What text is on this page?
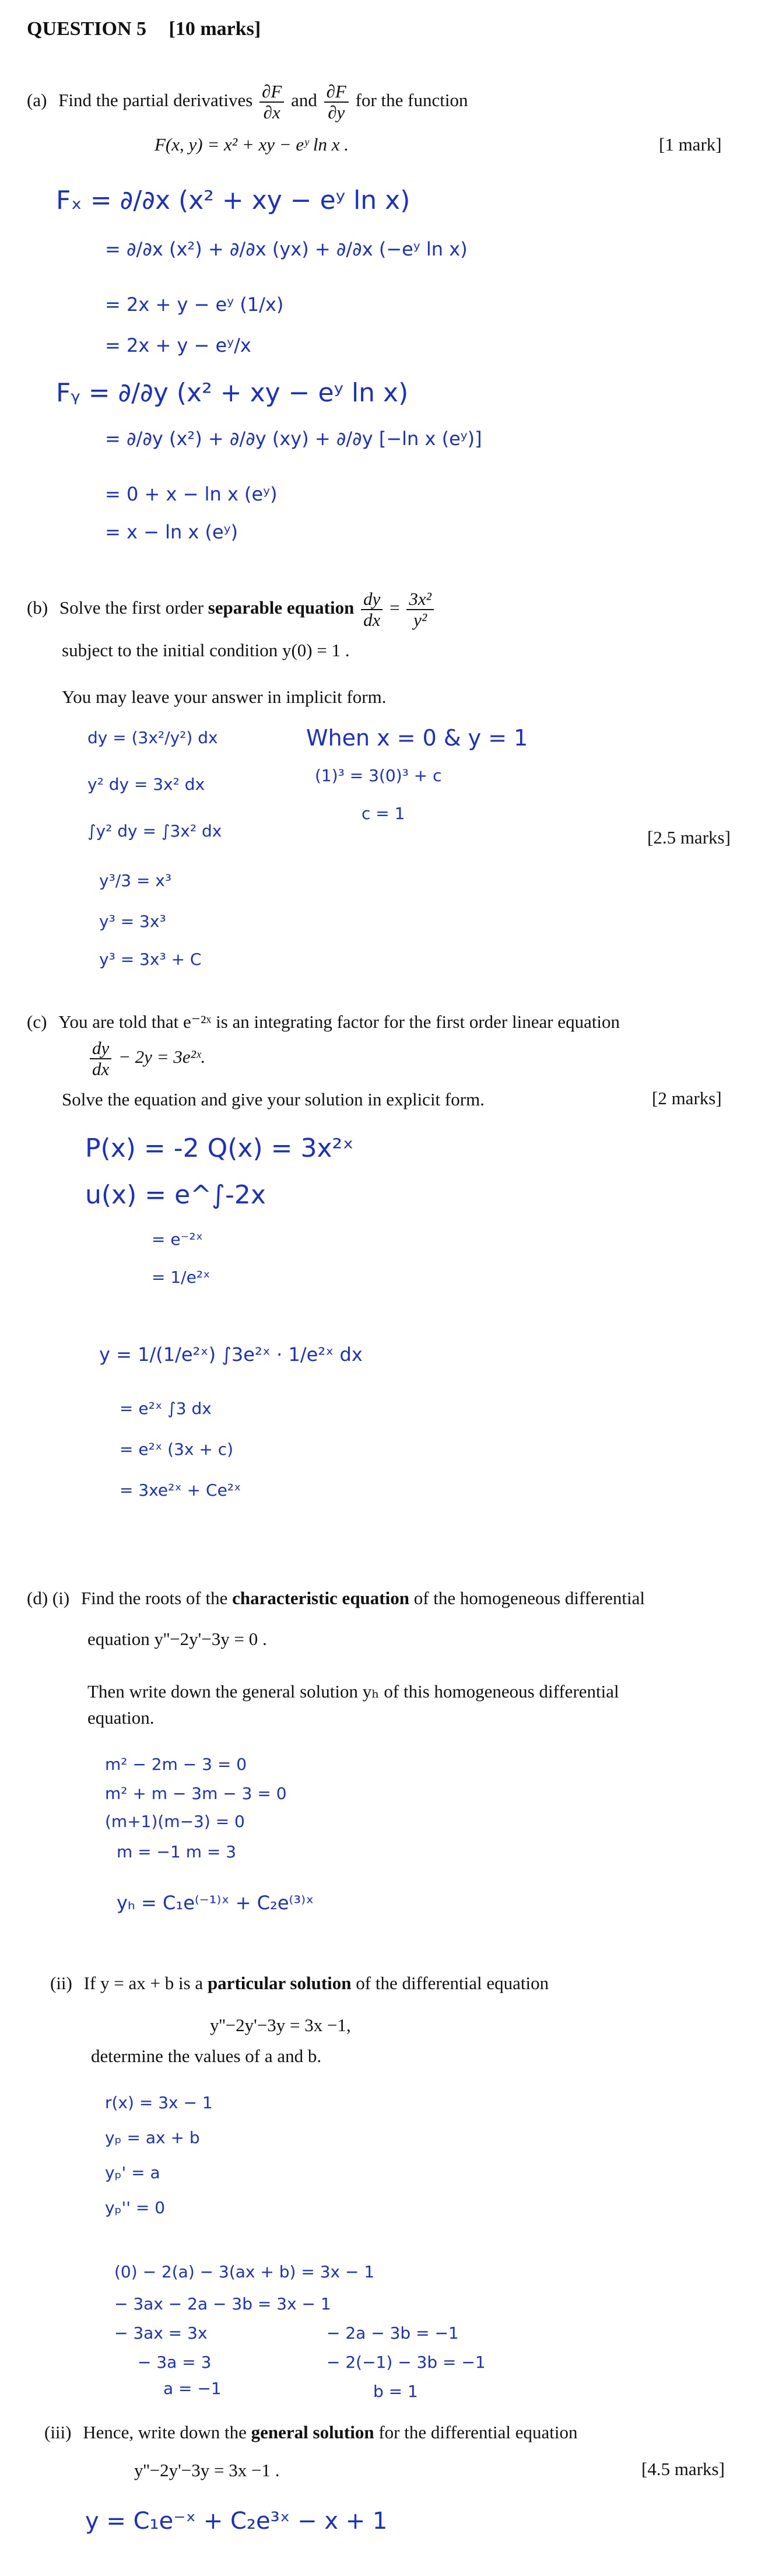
QUESTION 5 [10 marks]
(a) Find the partial derivatives $\frac{\partial F}{\partial x}$ and $\frac{\partial F}{\partial y}$ for the function
F(x, y) = x² + xy − eʸ ln x .	[1 mark]
Fₓ = ∂/∂x (x² + xy − eʸ ln x)
= ∂/∂x (x²) + ∂/∂x (yx) + ∂/∂x (−eʸ ln x)
= 2x + y − eʸ (1/x)
= 2x + y − eʸ/x
Fᵧ = ∂/∂y (x² + xy − eʸ ln x)
= ∂/∂y (x²) + ∂/∂y (xy) + ∂/∂y [−ln x (eʸ)]
= 0 + x − ln x (eʸ)
= x − ln x (eʸ)
(b) Solve the first order separable equation $\frac{dy}{dx} = \frac{\text{3x²}}{\text{y²}}$
subject to the initial condition y(0) = 1 .
You may leave your answer in implicit form.
dy = (3x²/y²) dx
y² dy = 3x² dx
∫y² dy = ∫3x² dx
y³/3 = x³
y³ = 3x³
y³ = 3x³ + C
When x = 0 & y = 1
(1)³ = 3(0)³ + c
c = 1
[2.5 marks]
(c) You are told that e⁻²ˣ is an integrating factor for the first order linear equation
$\frac{dy}{dx} - 2y$ = 3e²ˣ.
Solve the equation and give your solution in explicit form.	[2 marks]
P(x) = -2 Q(x) = 3x²ˣ
u(x) = e^∫-2x
= e⁻²ˣ
= 1/e²ˣ
y = 1/(1/e²ˣ) ∫3e²ˣ · 1/e²ˣ dx
= e²ˣ ∫3 dx
= e²ˣ (3x + c)
= 3xe²ˣ + Ce²ˣ
(d) (i) Find the roots of the characteristic equation of the homogeneous differential
equation y''−2y'−3y = 0 .
Then write down the general solution yₕ of this homogeneous differential
equation.
m² − 2m − 3 = 0
m² + m − 3m − 3 = 0
(m+1)(m−3) = 0
m = −1 m = 3
yₕ = C₁e⁽⁻¹⁾ˣ + C₂e⁽³⁾ˣ
(ii) If y = ax + b is a particular solution of the differential equation
y''−2y'−3y = 3x −1,
determine the values of a and b.
r(x) = 3x − 1
yₚ = ax + b
yₚ' = a
yₚ'' = 0
(0) − 2(a) − 3(ax + b) = 3x − 1
− 3ax − 2a − 3b = 3x − 1
− 3ax = 3x
− 3a = 3
a = −1
− 2a − 3b = −1
− 2(−1) − 3b = −1
b = 1
(iii) Hence, write down the general solution for the differential equation
y''−2y'−3y = 3x −1 .	[4.5 marks]
y = C₁e⁻ˣ + C₂e³ˣ − x + 1
